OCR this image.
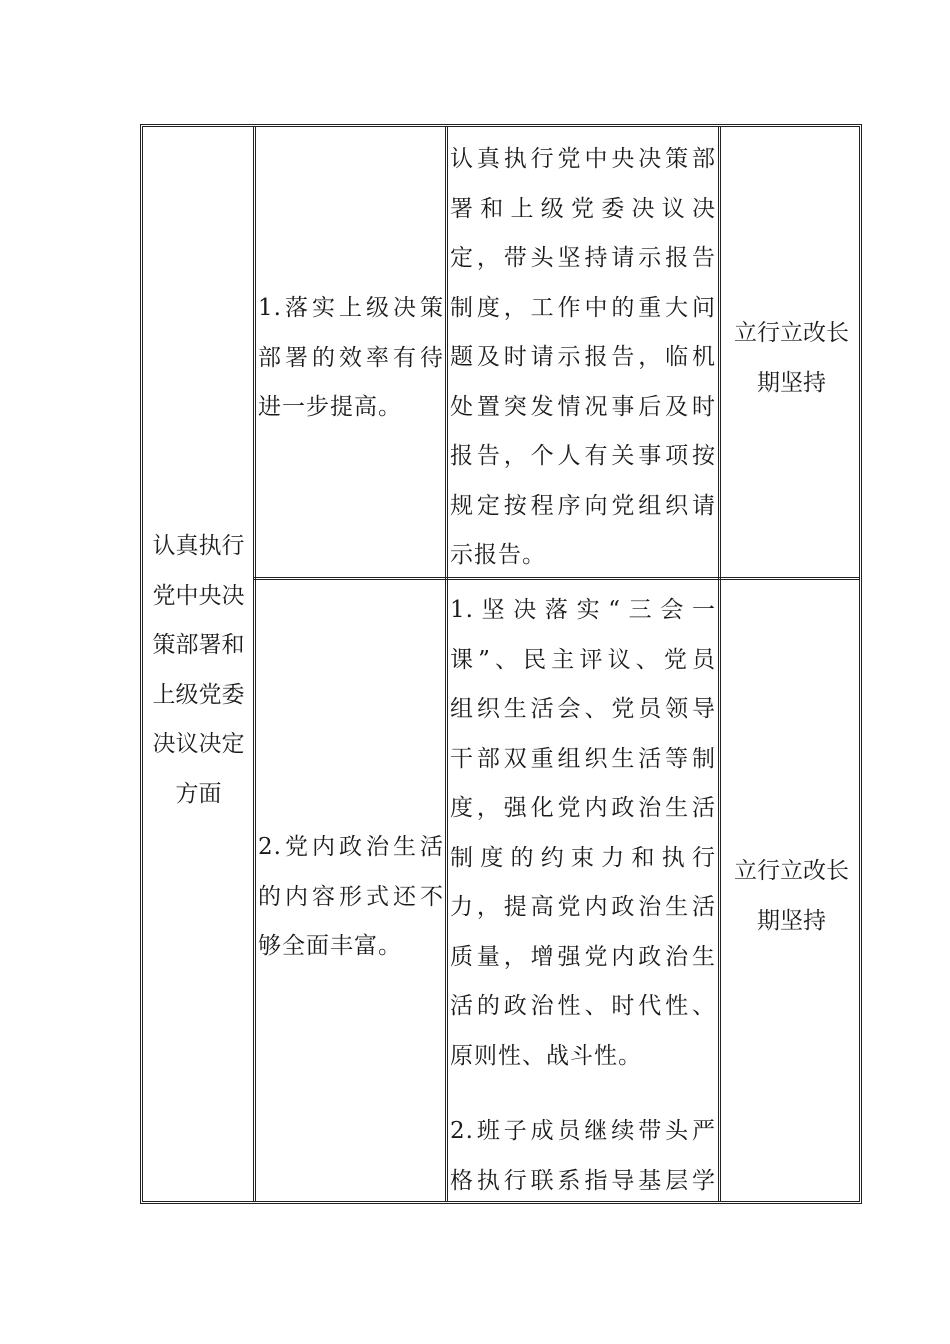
认真执行
党中央决
策部署和
上级党委
决议决定
方面
1.落实上级决策
部署的效率有待
进一步提高。
认真执行党中央决策部
署和上级党委决议决
定，带头坚持请示报告
制度，工作中的重大问
题及时请示报告，临机
处置突发情况事后及时
报告，个人有关事项按
规定按程序向党组织请
示报告。
立行立改长
期坚持
2.党内政治生活
的内容形式还不
够全面丰富。
1.坚决落实“三会一
课”、民主评议、党员
组织生活会、党员领导
干部双重组织生活等制
度，强化党内政治生活
制度的约束力和执行
力，提高党内政治生活
质量，增强党内政治生
活的政治性、时代性、
原则性、战斗性。
2.班子成员继续带头严
格执行联系指导基层学
立行立改长
期坚持
